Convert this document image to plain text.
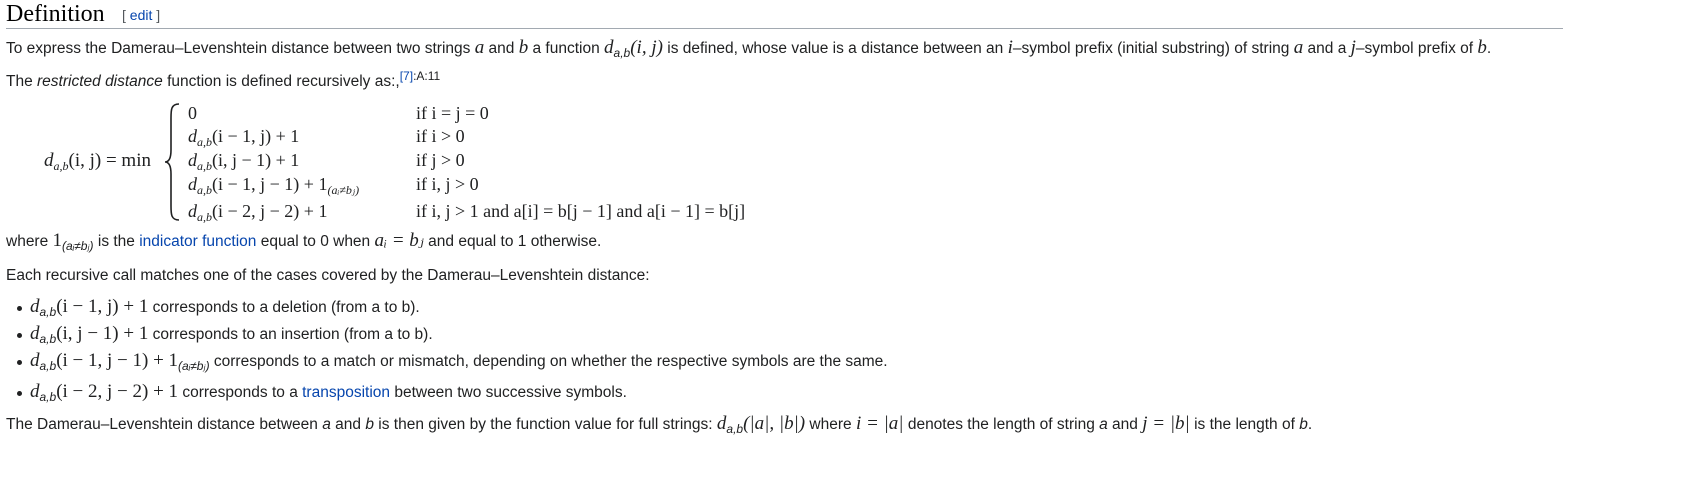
Definition [ edit ]
To express the Damerau–Levenshtein distance between two strings a and b a function $d_{a,b}(i$, j) is defined, whose value is a distance between an i–symbol prefix (initial substring) of string a and a j–symbol prefix of b.
The restricted distance function is defined recursively as:,$^{[7]:A:11}$
$d_{a,b}(i$, j) = min
0
$d_{a,b}(i - 1$, j) + 1
$d_{a,b}(i$, j − 1) + 1
$d_{a,b}(i - 1$, $j - 1) + 1_{(aᵢ\ne bⱼ)}$
$d_{a,b}(i - 2$, j − 2) + 1
if i = j = 0
if i > 0
if j > 0
if i, j > 0
if i, j > 1 and a[i] = b[j − 1] and a[i − 1] = b[j]
where $1_{(aᵢ\ne bⱼ)}$ is the indicator function equal to 0 when aᵢ = bⱼ and equal to 1 otherwise.
Each recursive call matches one of the cases covered by the Damerau–Levenshtein distance:
$d_{a,b}(i - 1$, j) + 1 corresponds to a deletion (from a to b).
$d_{a,b}(i$, j − 1) + 1 corresponds to an insertion (from a to b).
$d_{a,b}(i - 1$, $j - 1) + 1_{(aᵢ\ne bⱼ)}$ corresponds to a match or mismatch, depending on whether the respective symbols are the same.
$d_{a,b}(i - 2$, j − 2) + 1 corresponds to a transposition between two successive symbols.
The Damerau–Levenshtein distance between a and b is then given by the function value for full strings: $d_{a,b}(|a|$, |b|) where i = |a| denotes the length of string a and j = |b| is the length of b.
